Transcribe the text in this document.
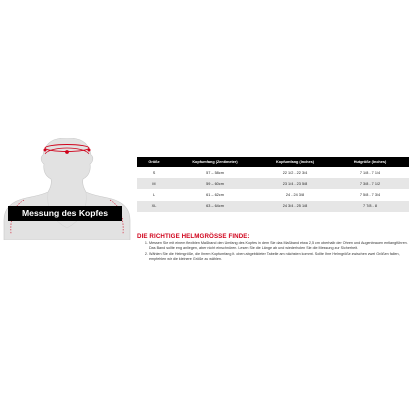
Messung des Kopfes
Größe	Kopfumfang (Zentimeter)	Kopfumfang (Inches)	Hutgröße (Inches)
S	57 – 58cm	22 1/2 - 22 3/4	7 1/8 - 7 1/4
M	59 – 60cm	23 1/4 - 23 5/8	7 3/8 - 7 1/2
L	61 – 62cm	24 - 24 3/8	7 5/8 - 7 3/4
XL	63 – 64cm	24 3/4 - 25 1/8	7 7/8 - 8
DIE RICHTIGE HELMGRÖSSE FINDE:
1. Messen Sie mit einem flexiblen Maßband den Umfang des Kopfes in dem Sie das Maßband etwa 2,5 cm oberhalb der Ohren und Augenbrauen entlangführen. Das Band sollte eng anliegen, aber nicht einschnüren. Lesen Sie die Länge ab und wiederholen Sie die Messung zur Sicherheit.
2. Wählen Sie die Helmgröße, die Ihrem Kopfumfang lt. oben abgebildeter Tabelle am nächsten kommt. Sollte Ihre Helmgröße zwischen zwei Größen fallen, empfehlen wir die kleinere Größe zu wählen.
